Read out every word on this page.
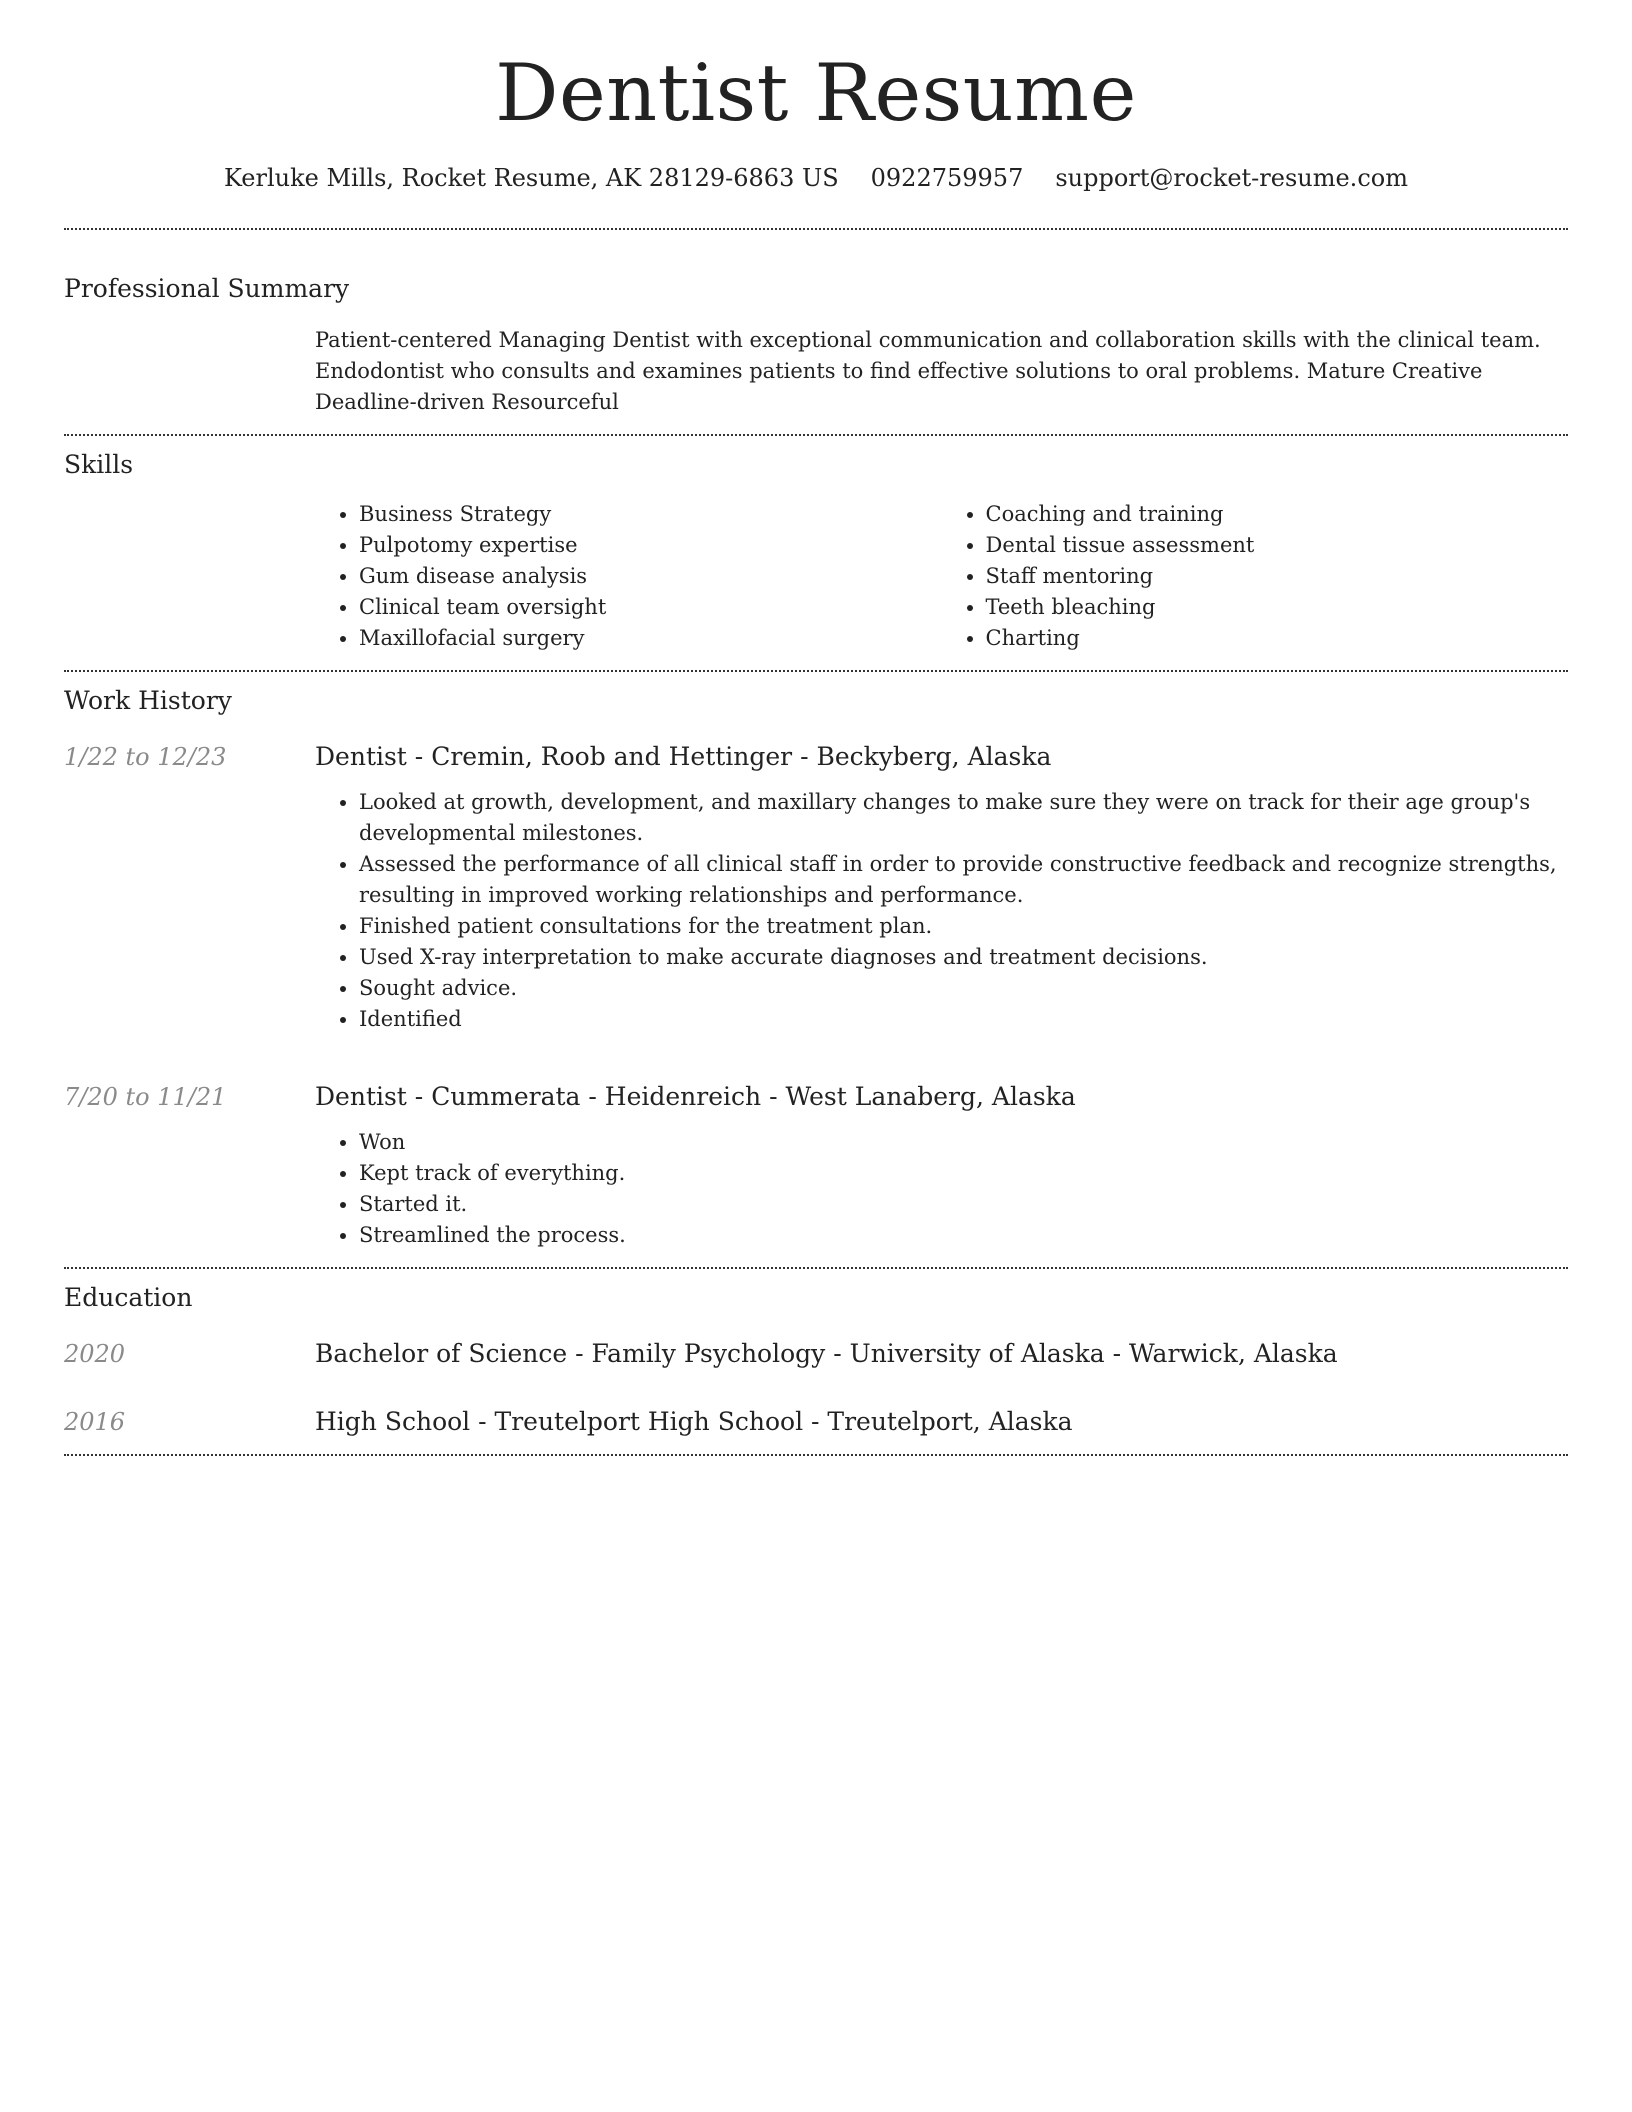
Dentist Resume
Kerluke Mills, Rocket Resume, AK 28129-6863 US 0922759957 support@rocket-resume.com
Professional Summary

Patient-centered Managing Dentist with exceptional communication and collaboration skills with the clinical team. Endodontist who consults and examines patients to find effective solutions to oral problems. Mature Creative Deadline-driven Resourceful

Skills
• Business Strategy
• Pulpotomy expertise
• Gum disease analysis
• Clinical team oversight
• Maxillofacial surgery
• Coaching and training
• Dental tissue assessment
• Staff mentoring
• Teeth bleaching
• Charting
Work History
1/22 to 12/23	Dentist - Cremin, Roob and Hettinger - Beckyberg, Alaska
• Looked at growth, development, and maxillary changes to make sure they were on track for their age group's developmental milestones.
• Assessed the performance of all clinical staff in order to provide constructive feedback and recognize strengths, resulting in improved working relationships and performance.
• Finished patient consultations for the treatment plan.
• Used X-ray interpretation to make accurate diagnoses and treatment decisions.
• Sought advice.
• Identified
7/20 to 11/21	Dentist - Cummerata - Heidenreich - West Lanaberg, Alaska
• Won
• Kept track of everything.
• Started it.
• Streamlined the process.
Education
2020	Bachelor of Science - Family Psychology - University of Alaska - Warwick, Alaska
2016	High School - Treutelport High School - Treutelport, Alaska
